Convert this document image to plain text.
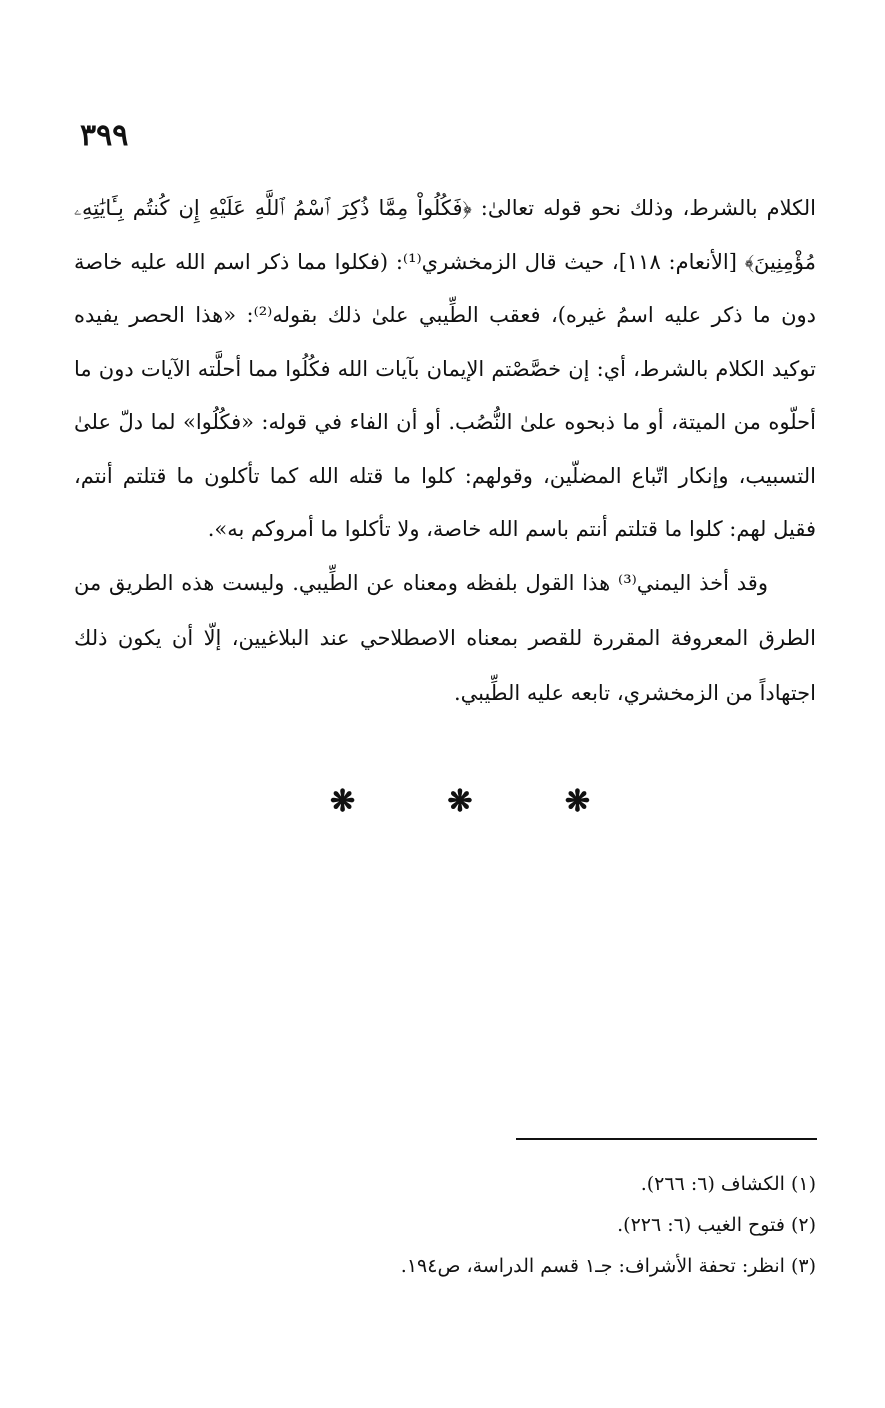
٣٩٩

الكلام بالشرط، وذلك نحو قوله تعالىٰ: ﴿فَكُلُواْ مِمَّا ذُكِرَ ٱسْمُ ٱللَّهِ عَلَيْهِ إِن كُنتُم بِـَٔايَٰتِهِۦ مُؤْمِنِينَ﴾ [الأنعام: ١١٨]، حيث قال الزمخشري⁽¹⁾: (فكلوا مما ذكر اسم الله عليه خاصة دون ما ذكر عليه اسمُ غيره)، فعقب الطِّيبي علىٰ ذلك بقوله⁽²⁾: «هذا الحصر يفيده توكيد الكلام بالشرط، أي: إن خصَّصْتم الإيمان بآيات الله فكُلُوا مما أحلَّته الآيات دون ما أحلّوه من الميتة، أو ما ذبحوه علىٰ النُّصُب. أو أن الفاء في قوله: «فكُلُوا» لما دلّ علىٰ التسبيب، وإنكار اتّباع المضلّين، وقولهم: كلوا ما قتله الله كما تأكلون ما قتلتم أنتم، فقيل لهم: كلوا ما قتلتم أنتم باسم الله خاصة، ولا تأكلوا ما أمروكم به».

وقد أخذ اليمني⁽³⁾ هذا القول بلفظه ومعناه عن الطِّيبي. وليست هذه الطريق من الطرق المعروفة المقررة للقصر بمعناه الاصطلاحي عند البلاغيين، إلّا أن يكون ذلك اجتهاداً من الزمخشري، تابعه عليه الطِّيبي.

❋	❋	❋
(١) الكشاف (٦: ٢٦٦).
(٢) فتوح الغيب (٦: ٢٢٦).
(٣) انظر: تحفة الأشراف: جـ١ قسم الدراسة، ص١٩٤.
